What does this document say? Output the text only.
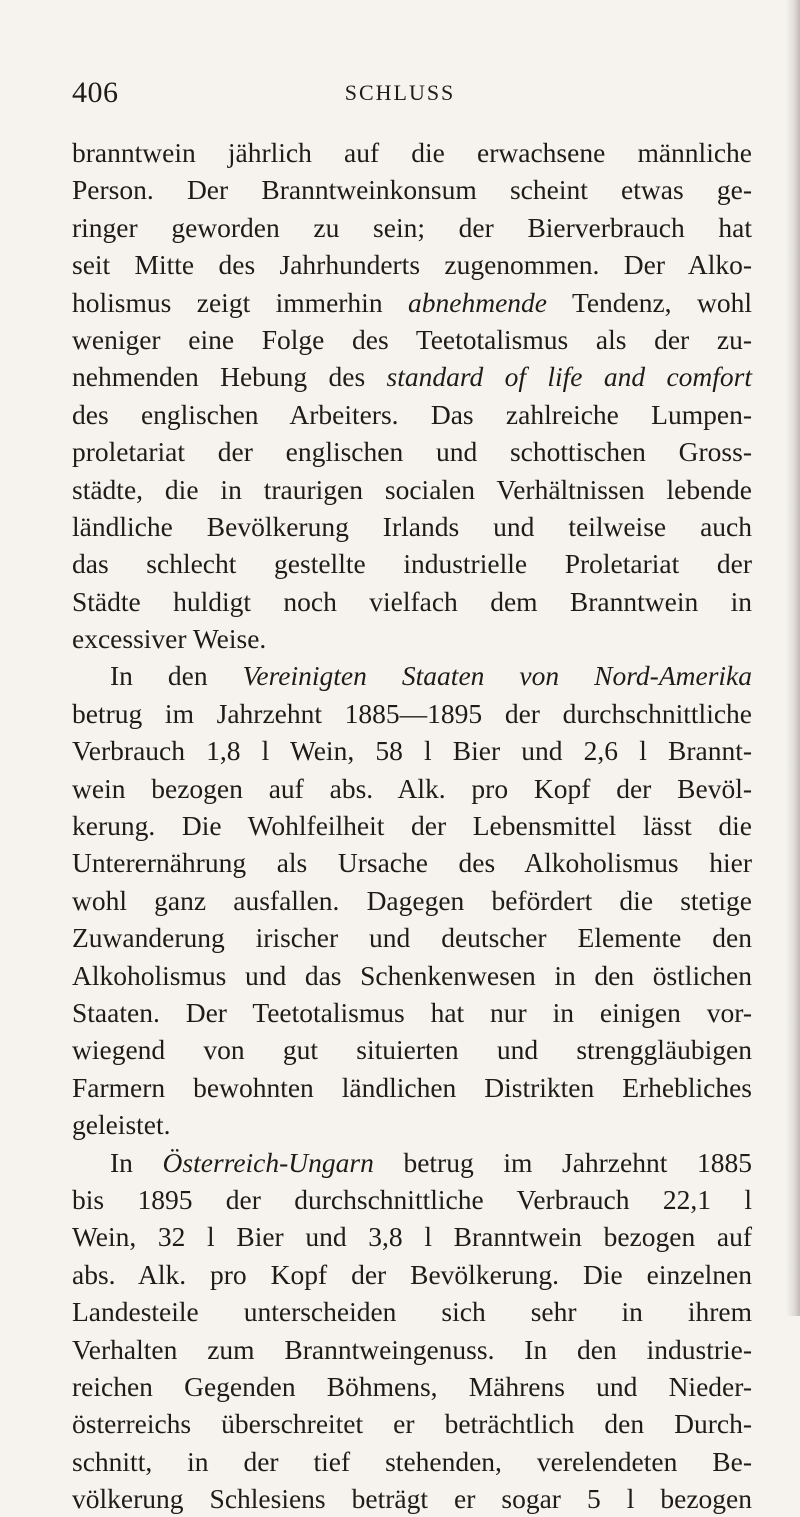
406	SCHLUSS
branntwein jährlich auf die erwachsene männliche
Person. Der Branntweinkonsum scheint etwas ge-
ringer geworden zu sein; der Bierverbrauch hat
seit Mitte des Jahrhunderts zugenommen. Der Alko-
holismus zeigt immerhin abnehmende Tendenz, wohl
weniger eine Folge des Teetotalismus als der zu-
nehmenden Hebung des standard of life and comfort
des englischen Arbeiters. Das zahlreiche Lumpen-
proletariat der englischen und schottischen Gross-
städte, die in traurigen socialen Verhältnissen lebende
ländliche Bevölkerung Irlands und teilweise auch
das schlecht gestellte industrielle Proletariat der
Städte huldigt noch vielfach dem Branntwein in
excessiver Weise.
In den Vereinigten Staaten von Nord-Amerika
betrug im Jahrzehnt 1885—1895 der durchschnittliche
Verbrauch 1,8 l Wein, 58 l Bier und 2,6 l Brannt-
wein bezogen auf abs. Alk. pro Kopf der Bevöl-
kerung. Die Wohlfeilheit der Lebensmittel lässt die
Unterernährung als Ursache des Alkoholismus hier
wohl ganz ausfallen. Dagegen befördert die stetige
Zuwanderung irischer und deutscher Elemente den
Alkoholismus und das Schenkenwesen in den östlichen
Staaten. Der Teetotalismus hat nur in einigen vor-
wiegend von gut situierten und strenggläubigen
Farmern bewohnten ländlichen Distrikten Erhebliches
geleistet.
In Österreich-Ungarn betrug im Jahrzehnt 1885
bis 1895 der durchschnittliche Verbrauch 22,1 l
Wein, 32 l Bier und 3,8 l Branntwein bezogen auf
abs. Alk. pro Kopf der Bevölkerung. Die einzelnen
Landesteile unterscheiden sich sehr in ihrem
Verhalten zum Branntweingenuss. In den industrie-
reichen Gegenden Böhmens, Mährens und Nieder-
österreichs überschreitet er beträchtlich den Durch-
schnitt, in der tief stehenden, verelendeten Be-
völkerung Schlesiens beträgt er sogar 5 l bezogen
